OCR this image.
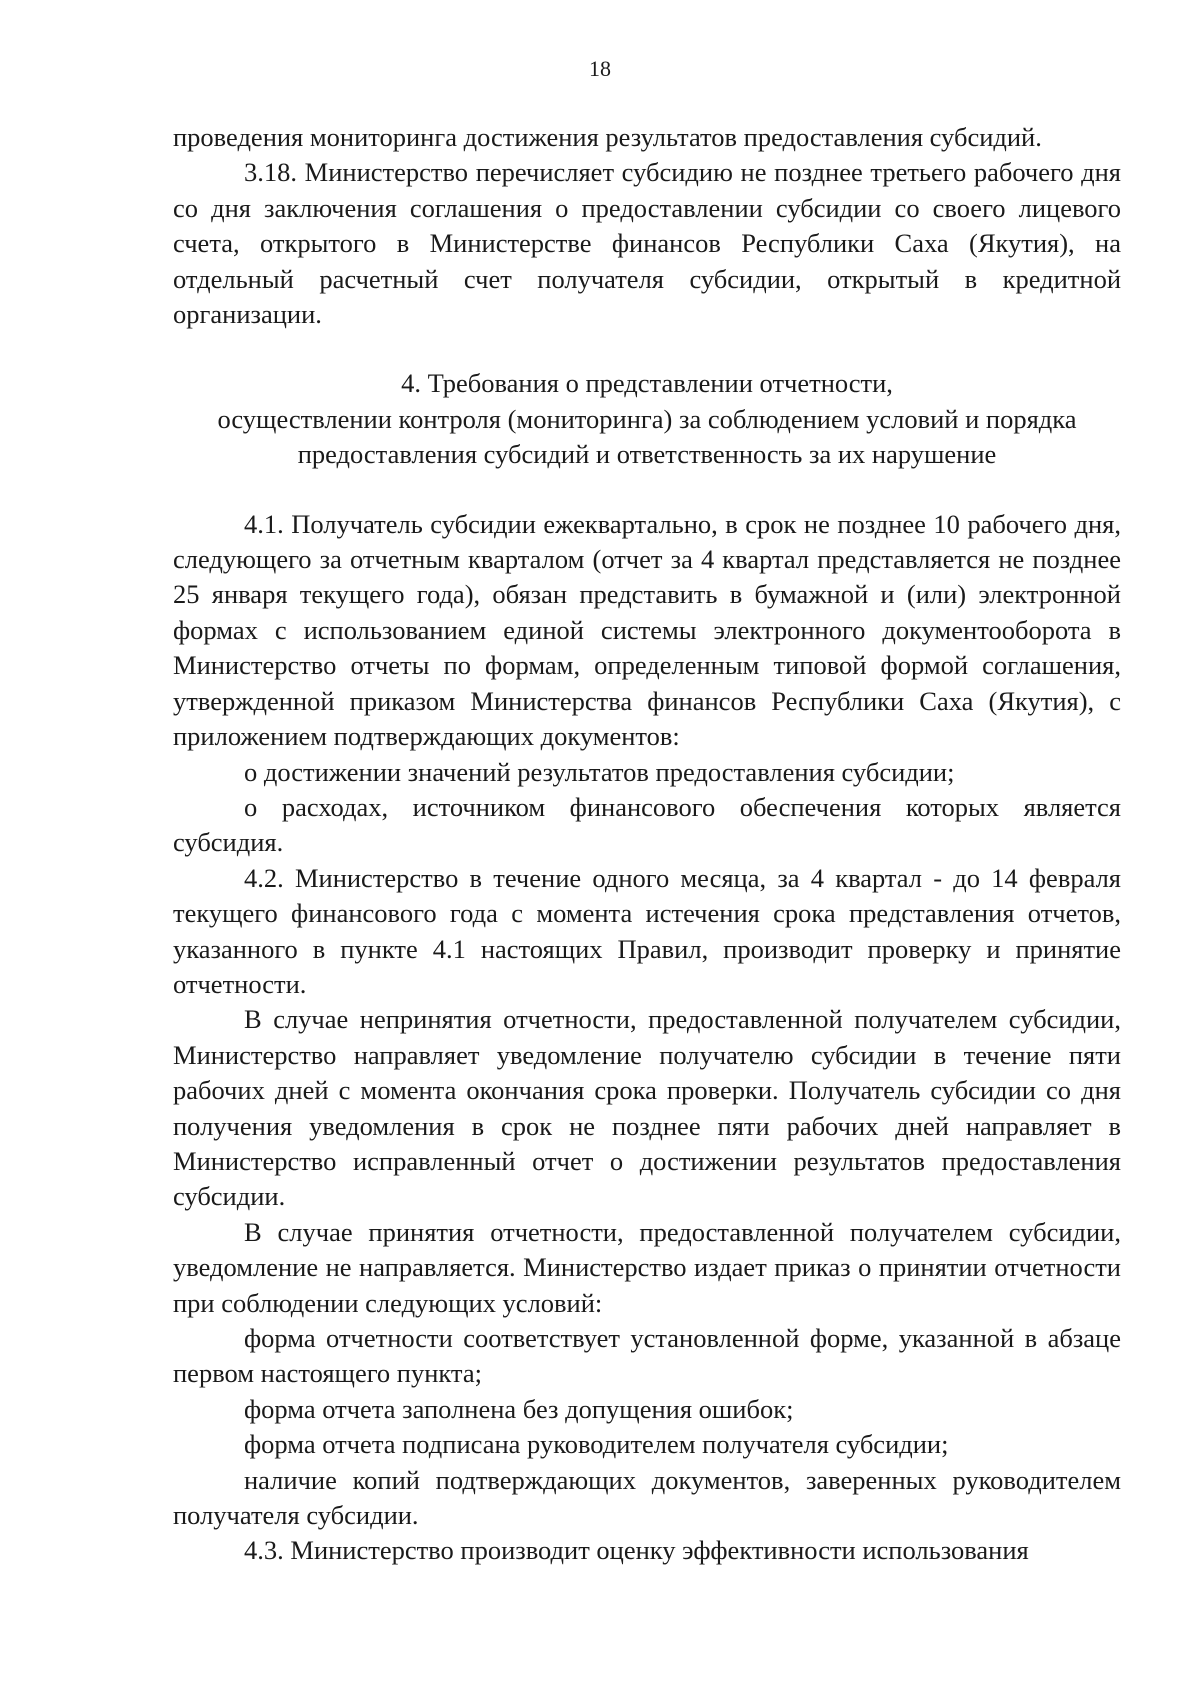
18

проведения мониторинга достижения результатов предоставления субсидий.

3.18. Министерство перечисляет субсидию не позднее третьего рабочего дня со дня заключения соглашения о предоставлении субсидии со своего лицевого счета, открытого в Министерстве финансов Республики Саха (Якутия), на отдельный расчетный счет получателя субсидии, открытый в кредитной организации.

4. Требования о представлении отчетности,
осуществлении контроля (мониторинга) за соблюдением условий и порядка
предоставления субсидий и ответственность за их нарушение

4.1. Получатель субсидии ежеквартально, в срок не позднее 10 рабочего дня, следующего за отчетным кварталом (отчет за 4 квартал представляется не позднее 25 января текущего года), обязан представить в бумажной и (или) электронной формах с использованием единой системы электронного документооборота в Министерство отчеты по формам, определенным типовой формой соглашения, утвержденной приказом Министерства финансов Республики Саха (Якутия), с приложением подтверждающих документов:

о достижении значений результатов предоставления субсидии;

о расходах, источником финансового обеспечения которых является субсидия.

4.2. Министерство в течение одного месяца, за 4 квартал - до 14 февраля текущего финансового года с момента истечения срока представления отчетов, указанного в пункте 4.1 настоящих Правил, производит проверку и принятие отчетности.

В случае непринятия отчетности, предоставленной получателем субсидии, Министерство направляет уведомление получателю субсидии в течение пяти рабочих дней с момента окончания срока проверки. Получатель субсидии со дня получения уведомления в срок не позднее пяти рабочих дней направляет в Министерство исправленный отчет о достижении результатов предоставления субсидии.

В случае принятия отчетности, предоставленной получателем субсидии, уведомление не направляется. Министерство издает приказ о принятии отчетности при соблюдении следующих условий:

форма отчетности соответствует установленной форме, указанной в абзаце первом настоящего пункта;

форма отчета заполнена без допущения ошибок;

форма отчета подписана руководителем получателя субсидии;

наличие копий подтверждающих документов, заверенных руководителем получателя субсидии.

4.3. Министерство производит оценку эффективности использования
